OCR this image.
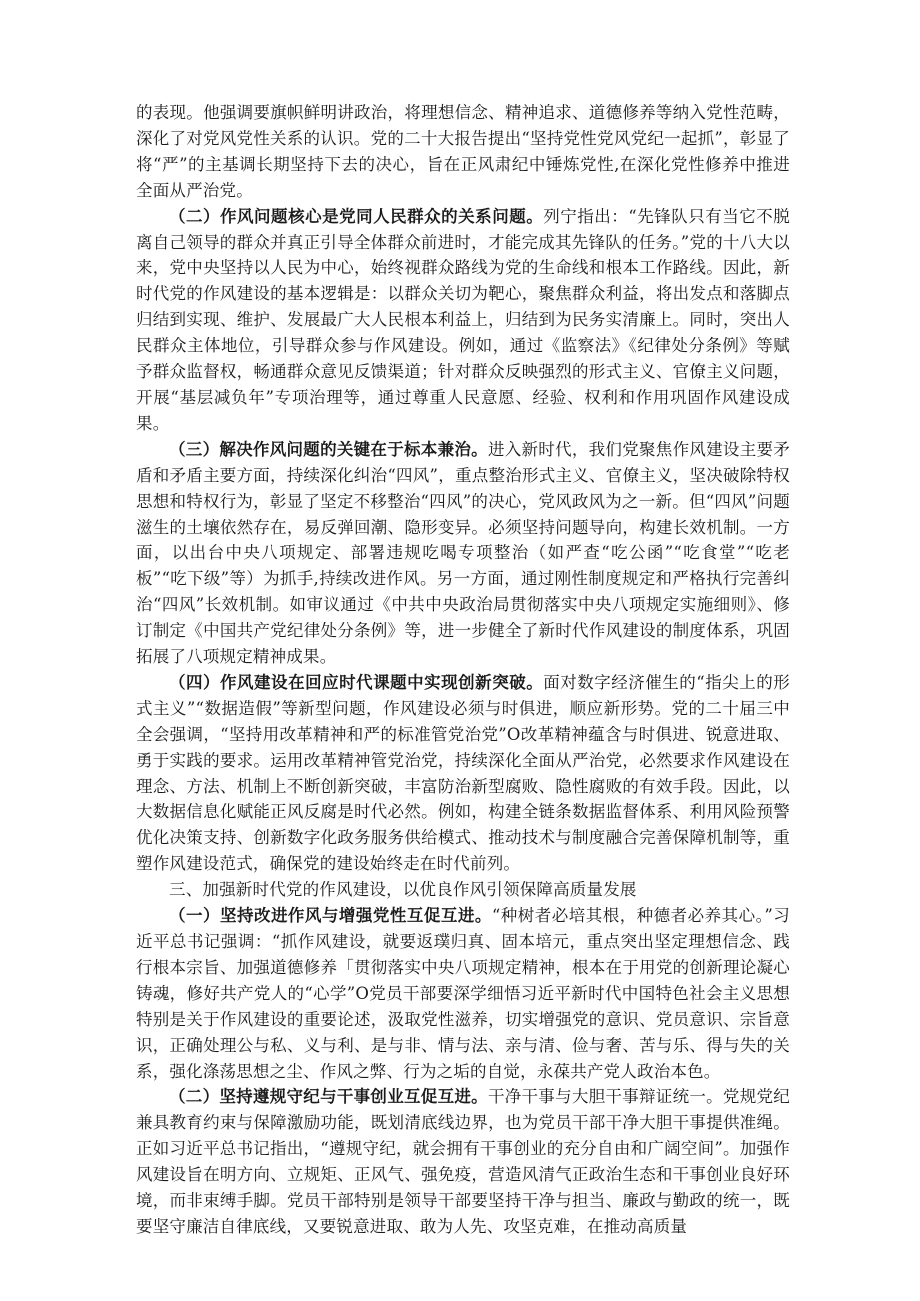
的表现。他强调要旗帜鲜明讲政治，将理想信念、精神追求、道德修养等纳入党性范畴，深化了对党风党性关系的认识。党的二十大报告提出“坚持党性党风党纪一起抓”，彰显了将“严”的主基调长期坚持下去的决心，旨在正风肃纪中锤炼党性,在深化党性修养中推进全面从严治党。

（二）作风问题核心是党同人民群众的关系问题。列宁指出：“先锋队只有当它不脱离自己领导的群众并真正引导全体群众前进时，才能完成其先锋队的任务。”党的十八大以来，党中央坚持以人民为中心，始终视群众路线为党的生命线和根本工作路线。因此，新时代党的作风建设的基本逻辑是：以群众关切为靶心，聚焦群众利益，将出发点和落脚点归结到实现、维护、发展最广大人民根本利益上，归结到为民务实清廉上。同时，突出人民群众主体地位，引导群众参与作风建设。例如，通过《监察法》《纪律处分条例》等赋予群众监督权，畅通群众意见反馈渠道；针对群众反映强烈的形式主义、官僚主义问题，开展“基层减负年”专项治理等，通过尊重人民意愿、经验、权利和作用巩固作风建设成果。

（三）解决作风问题的关键在于标本兼治。进入新时代，我们党聚焦作风建设主要矛盾和矛盾主要方面，持续深化纠治“四风”，重点整治形式主义、官僚主义，坚决破除特权思想和特权行为，彰显了坚定不移整治“四风”的决心，党风政风为之一新。但“四风”问题滋生的土壤依然存在，易反弹回潮、隐形变异。必须坚持问题导向，构建长效机制。一方面，以出台中央八项规定、部署违规吃喝专项整治（如严查“吃公函”“吃食堂”“吃老板”“吃下级”等）为抓手,持续改进作风。另一方面，通过刚性制度规定和严格执行完善纠治“四风”长效机制。如审议通过《中共中央政治局贯彻落实中央八项规定实施细则》、修订制定《中国共产党纪律处分条例》等，进一步健全了新时代作风建设的制度体系，巩固拓展了八项规定精神成果。

（四）作风建设在回应时代课题中实现创新突破。面对数字经济催生的“指尖上的形式主义”“数据造假”等新型问题，作风建设必须与时俱进，顺应新形势。党的二十届三中全会强调，“坚持用改革精神和严的标准管党治党”O改革精神蕴含与时俱进、锐意进取、勇于实践的要求。运用改革精神管党治党，持续深化全面从严治党，必然要求作风建设在理念、方法、机制上不断创新突破，丰富防治新型腐败、隐性腐败的有效手段。因此，以大数据信息化赋能正风反腐是时代必然。例如，构建全链条数据监督体系、利用风险预警优化决策支持、创新数字化政务服务供给模式、推动技术与制度融合完善保障机制等，重塑作风建设范式，确保党的建设始终走在时代前列。

三、加强新时代党的作风建设，以优良作风引领保障高质量发展

（一）坚持改进作风与增强党性互促互进。“种树者必培其根，种德者必养其心。”习近平总书记强调：“抓作风建设，就要返璞归真、固本培元，重点突出坚定理想信念、践行根本宗旨、加强道德修养「贯彻落实中央八项规定精神，根本在于用党的创新理论凝心铸魂，修好共产党人的“心学”O党员干部要深学细悟习近平新时代中国特色社会主义思想特别是关于作风建设的重要论述，汲取党性滋养，切实增强党的意识、党员意识、宗旨意识，正确处理公与私、义与利、是与非、情与法、亲与清、俭与奢、苦与乐、得与失的关系，强化涤荡思想之尘、作风之弊、行为之垢的自觉，永葆共产党人政治本色。

（二）坚持遵规守纪与干事创业互促互进。干净干事与大胆干事辩证统一。党规党纪兼具教育约束与保障激励功能，既划清底线边界，也为党员干部干净大胆干事提供准绳。正如习近平总书记指出，“遵规守纪，就会拥有干事创业的充分自由和广阔空间”。加强作风建设旨在明方向、立规矩、正风气、强免疫，营造风清气正政治生态和干事创业良好环境，而非束缚手脚。党员干部特别是领导干部要坚持干净与担当、廉政与勤政的统一，既要坚守廉洁自律底线，又要锐意进取、敢为人先、攻坚克难，在推动高质量
